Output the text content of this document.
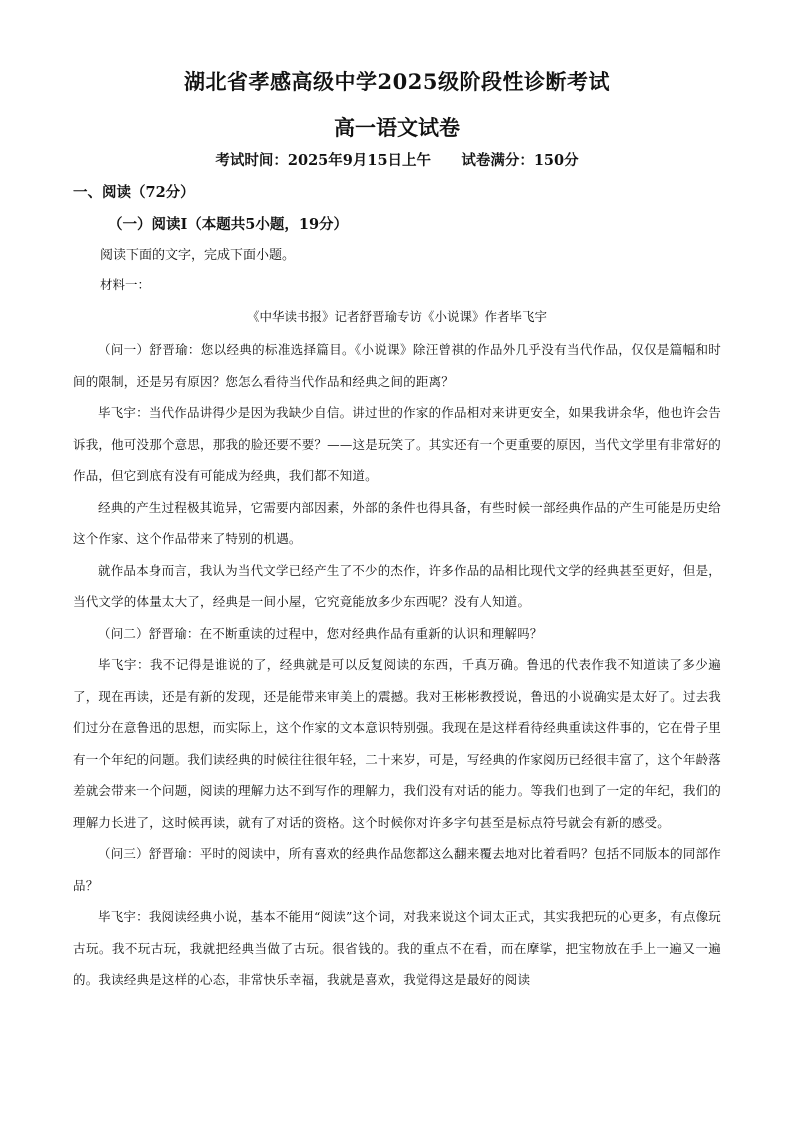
湖北省孝感高级中学2025级阶段性诊断考试
高一语文试卷
考试时间：2025年9月15日上午      试卷满分：150分
一、阅读（72分）
（一）阅读Ⅰ（本题共5小题，19分）
阅读下面的文字，完成下面小题。
材料一：
《中华读书报》记者舒晋瑜专访《小说课》作者毕飞宇

（问一）舒晋瑜：您以经典的标准选择篇目。《小说课》除汪曾祺的作品外几乎没有当代作品，仅仅是篇幅和时间的限制，还是另有原因？您怎么看待当代作品和经典之间的距离？

毕飞宇：当代作品讲得少是因为我缺少自信。讲过世的作家的作品相对来讲更安全，如果我讲余华，他也许会告诉我，他可没那个意思，那我的脸还要不要？——这是玩笑了。其实还有一个更重要的原因，当代文学里有非常好的作品，但它到底有没有可能成为经典，我们都不知道。

经典的产生过程极其诡异，它需要内部因素，外部的条件也得具备，有些时候一部经典作品的产生可能是历史给这个作家、这个作品带来了特别的机遇。

就作品本身而言，我认为当代文学已经产生了不少的杰作，许多作品的品相比现代文学的经典甚至更好，但是，当代文学的体量太大了，经典是一间小屋，它究竟能放多少东西呢？没有人知道。

（问二）舒晋瑜：在不断重读的过程中，您对经典作品有重新的认识和理解吗？

毕飞宇：我不记得是谁说的了，经典就是可以反复阅读的东西，千真万确。鲁迅的代表作我不知道读了多少遍了，现在再读，还是有新的发现，还是能带来审美上的震撼。我对王彬彬教授说，鲁迅的小说确实是太好了。过去我们过分在意鲁迅的思想，而实际上，这个作家的文本意识特别强。我现在是这样看待经典重读这件事的，它在骨子里有一个年纪的问题。我们读经典的时候往往很年轻，二十来岁，可是，写经典的作家阅历已经很丰富了，这个年龄落差就会带来一个问题，阅读的理解力达不到写作的理解力，我们没有对话的能力。等我们也到了一定的年纪，我们的理解力长进了，这时候再读，就有了对话的资格。这个时候你对许多字句甚至是标点符号就会有新的感受。

（问三）舒晋瑜：平时的阅读中，所有喜欢的经典作品您都这么翻来覆去地对比着看吗？包括不同版本的同部作品？

毕飞宇：我阅读经典小说，基本不能用“阅读”这个词，对我来说这个词太正式，其实我把玩的心更多，有点像玩古玩。我不玩古玩，我就把经典当做了古玩。很省钱的。我的重点不在看，而在摩挲，把宝物放在手上一遍又一遍的。我读经典是这样的心态，非常快乐幸福，我就是喜欢，我觉得这是最好的阅读
